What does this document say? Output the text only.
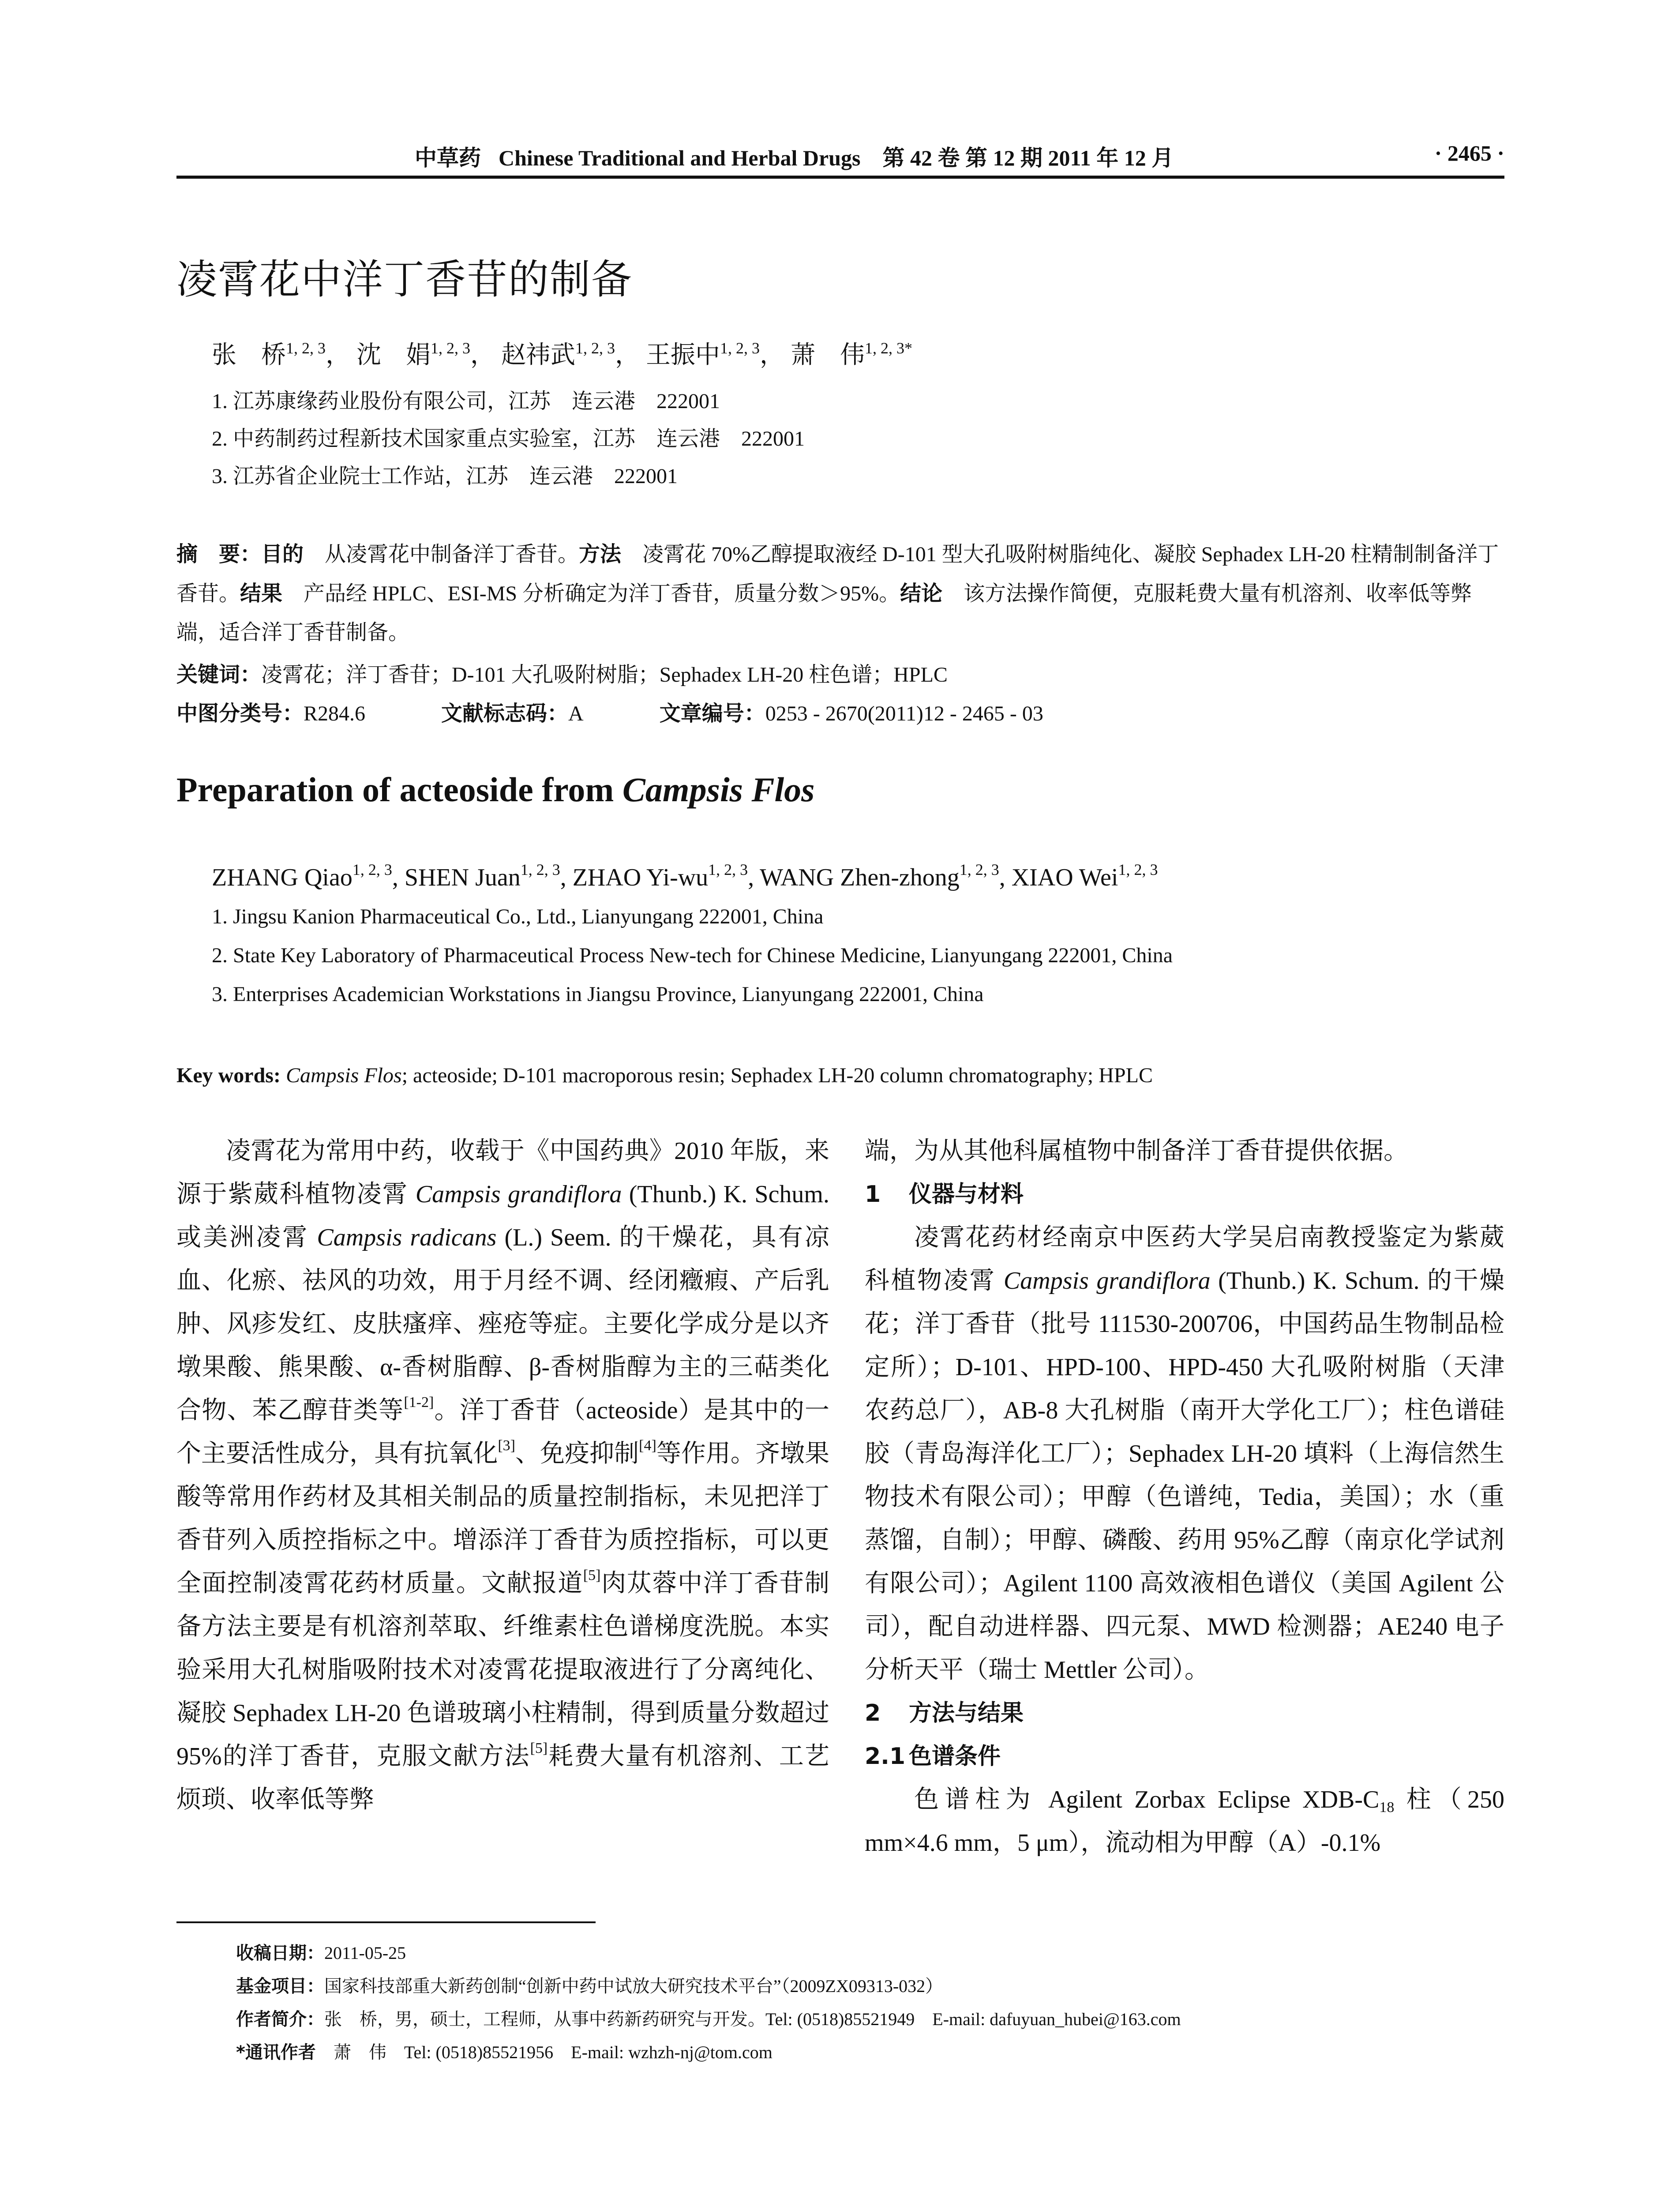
中草药 Chinese Traditional and Herbal Drugs  第 42 卷 第 12 期 2011 年 12 月	· 2465 ·
凌霄花中洋丁香苷的制备
张　桥$^{1, 2, 3}$， 沈　娟$^{1, 2, 3}$， 赵祎武$^{1, 2, 3}$， 王振中$^{1, 2, 3}$， 萧　伟$^{1, 2, 3*}$
1. 江苏康缘药业股份有限公司，江苏　连云港　222001
2. 中药制药过程新技术国家重点实验室，江苏　连云港　222001
3. 江苏省企业院士工作站，江苏　连云港　222001
摘　要：目的 从凌霄花中制备洋丁香苷。方法 凌霄花 70%乙醇提取液经 D-101 型大孔吸附树脂纯化、凝胶 Sephadex LH-20 柱精制制备洋丁香苷。结果 产品经 HPLC、ESI-MS 分析确定为洋丁香苷，质量分数＞95%。结论 该方法操作简便，克服耗费大量有机溶剂、收率低等弊端，适合洋丁香苷制备。
关键词：凌霄花；洋丁香苷；D-101 大孔吸附树脂；Sephadex LH-20 柱色谱；HPLC
中图分类号：R284.6	文献标志码：A	文章编号：0253 - 2670(2011)12 - 2465 - 03
Preparation of acteoside from Campsis Flos
ZHANG Qiao$^{1, 2, 3}$, SHEN Juan$^{1, 2, 3}$, ZHAO Yi-wu$^{1, 2, 3}$, WANG Zhen-zhong$^{1, 2, 3}$, XIAO Wei$^{1, 2, 3}$
1. Jingsu Kanion Pharmaceutical Co., Ltd., Lianyungang 222001, China
2. State Key Laboratory of Pharmaceutical Process New-tech for Chinese Medicine, Lianyungang 222001, China
3. Enterprises Academician Workstations in Jiangsu Province, Lianyungang 222001, China
Key words: Campsis Flos; acteoside; D-101 macroporous resin; Sephadex LH-20 column chromatography; HPLC

凌霄花为常用中药，收载于《中国药典》2010 年版，来源于紫葳科植物凌霄 Campsis grandiflora (Thunb.) K. Schum. 或美洲凌霄 Campsis radicans (L.) Seem. 的干燥花，具有凉血、化瘀、祛风的功效，用于月经不调、经闭癥瘕、产后乳肿、风疹发红、皮肤瘙痒、痤疮等症。主要化学成分是以齐墩果酸、熊果酸、α-香树脂醇、β-香树脂醇为主的三萜类化合物、苯乙醇苷类等[1-2]。洋丁香苷（acteoside）是其中的一个主要活性成分，具有抗氧化[3]、免疫抑制[4]等作用。齐墩果酸等常用作药材及其相关制品的质量控制指标，未见把洋丁香苷列入质控指标之中。增添洋丁香苷为质控指标，可以更全面控制凌霄花药材质量。文献报道[5]肉苁蓉中洋丁香苷制备方法主要是有机溶剂萃取、纤维素柱色谱梯度洗脱。本实验采用大孔树脂吸附技术对凌霄花提取液进行了分离纯化、凝胶 Sephadex LH-20 色谱玻璃小柱精制，得到质量分数超过 95%的洋丁香苷，克服文献方法[5]耗费大量有机溶剂、工艺烦琐、收率低等弊

端，为从其他科属植物中制备洋丁香苷提供依据。

1 仪器与材料

凌霄花药材经南京中医药大学吴启南教授鉴定为紫葳科植物凌霄 Campsis grandiflora (Thunb.) K. Schum. 的干燥花；洋丁香苷（批号 111530-200706，中国药品生物制品检定所）；D-101、HPD-100、HPD-450 大孔吸附树脂（天津农药总厂），AB-8 大孔树脂（南开大学化工厂）；柱色谱硅胶（青岛海洋化工厂）；Sephadex LH-20 填料（上海信然生物技术有限公司）；甲醇（色谱纯，Tedia，美国）；水（重蒸馏，自制）；甲醇、磷酸、药用 95%乙醇（南京化学试剂有限公司）；Agilent 1100 高效液相色谱仪（美国 Agilent 公司），配自动进样器、四元泵、MWD 检测器；AE240 电子分析天平（瑞士 Mettler 公司）。

2 方法与结果

2.1 色谱条件

色谱柱为 Agilent Zorbax Eclipse XDB-$C_{18}$ 柱（250 mm×4.6 mm，5 μm），流动相为甲醇（A）-0.1%

收稿日期：2011-05-25
基金项目：国家科技部重大新药创制“创新中药中试放大研究技术平台”（2009ZX09313-032）
作者简介：张　桥，男，硕士，工程师，从事中药新药研究与开发。Tel: (0518)85521949　E-mail: dafuyuan_hubei@163.com
*通讯作者　萧　伟　Tel: (0518)85521956　E-mail: wzhzh-nj@tom.com
